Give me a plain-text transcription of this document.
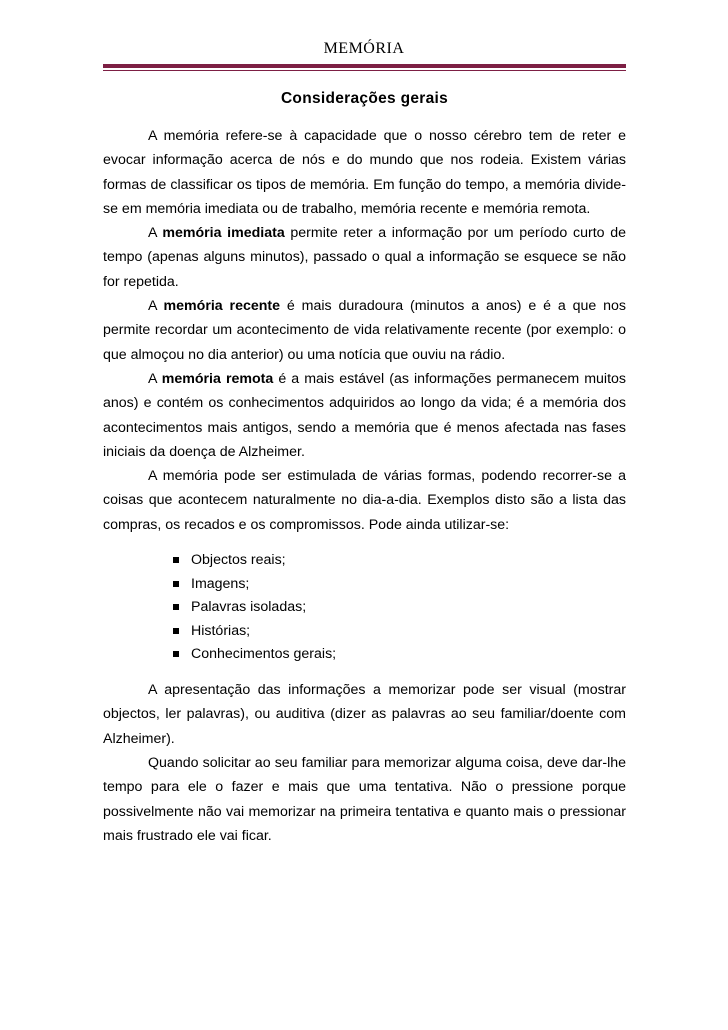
MEMÓRIA
Considerações gerais

A memória refere-se à capacidade que o nosso cérebro tem de reter e evocar informação acerca de nós e do mundo que nos rodeia. Existem várias formas de classificar os tipos de memória. Em função do tempo, a memória divide-se em memória imediata ou de trabalho, memória recente e memória remota.

A memória imediata permite reter a informação por um período curto de tempo (apenas alguns minutos), passado o qual a informação se esquece se não for repetida.

A memória recente é mais duradoura (minutos a anos) e é a que nos permite recordar um acontecimento de vida relativamente recente (por exemplo: o que almoçou no dia anterior) ou uma notícia que ouviu na rádio.

A memória remota é a mais estável (as informações permanecem muitos anos) e contém os conhecimentos adquiridos ao longo da vida; é a memória dos acontecimentos mais antigos, sendo a memória que é menos afectada nas fases iniciais da doença de Alzheimer.

A memória pode ser estimulada de várias formas, podendo recorrer-se a coisas que acontecem naturalmente no dia-a-dia. Exemplos disto são a lista das compras, os recados e os compromissos. Pode ainda utilizar-se:

Objectos reais;
Imagens;
Palavras isoladas;
Histórias;
Conhecimentos gerais;

A apresentação das informações a memorizar pode ser visual (mostrar objectos, ler palavras), ou auditiva (dizer as palavras ao seu familiar/doente com Alzheimer).

Quando solicitar ao seu familiar para memorizar alguma coisa, deve dar-lhe tempo para ele o fazer e mais que uma tentativa. Não o pressione porque possivelmente não vai memorizar na primeira tentativa e quanto mais o pressionar mais frustrado ele vai ficar.
